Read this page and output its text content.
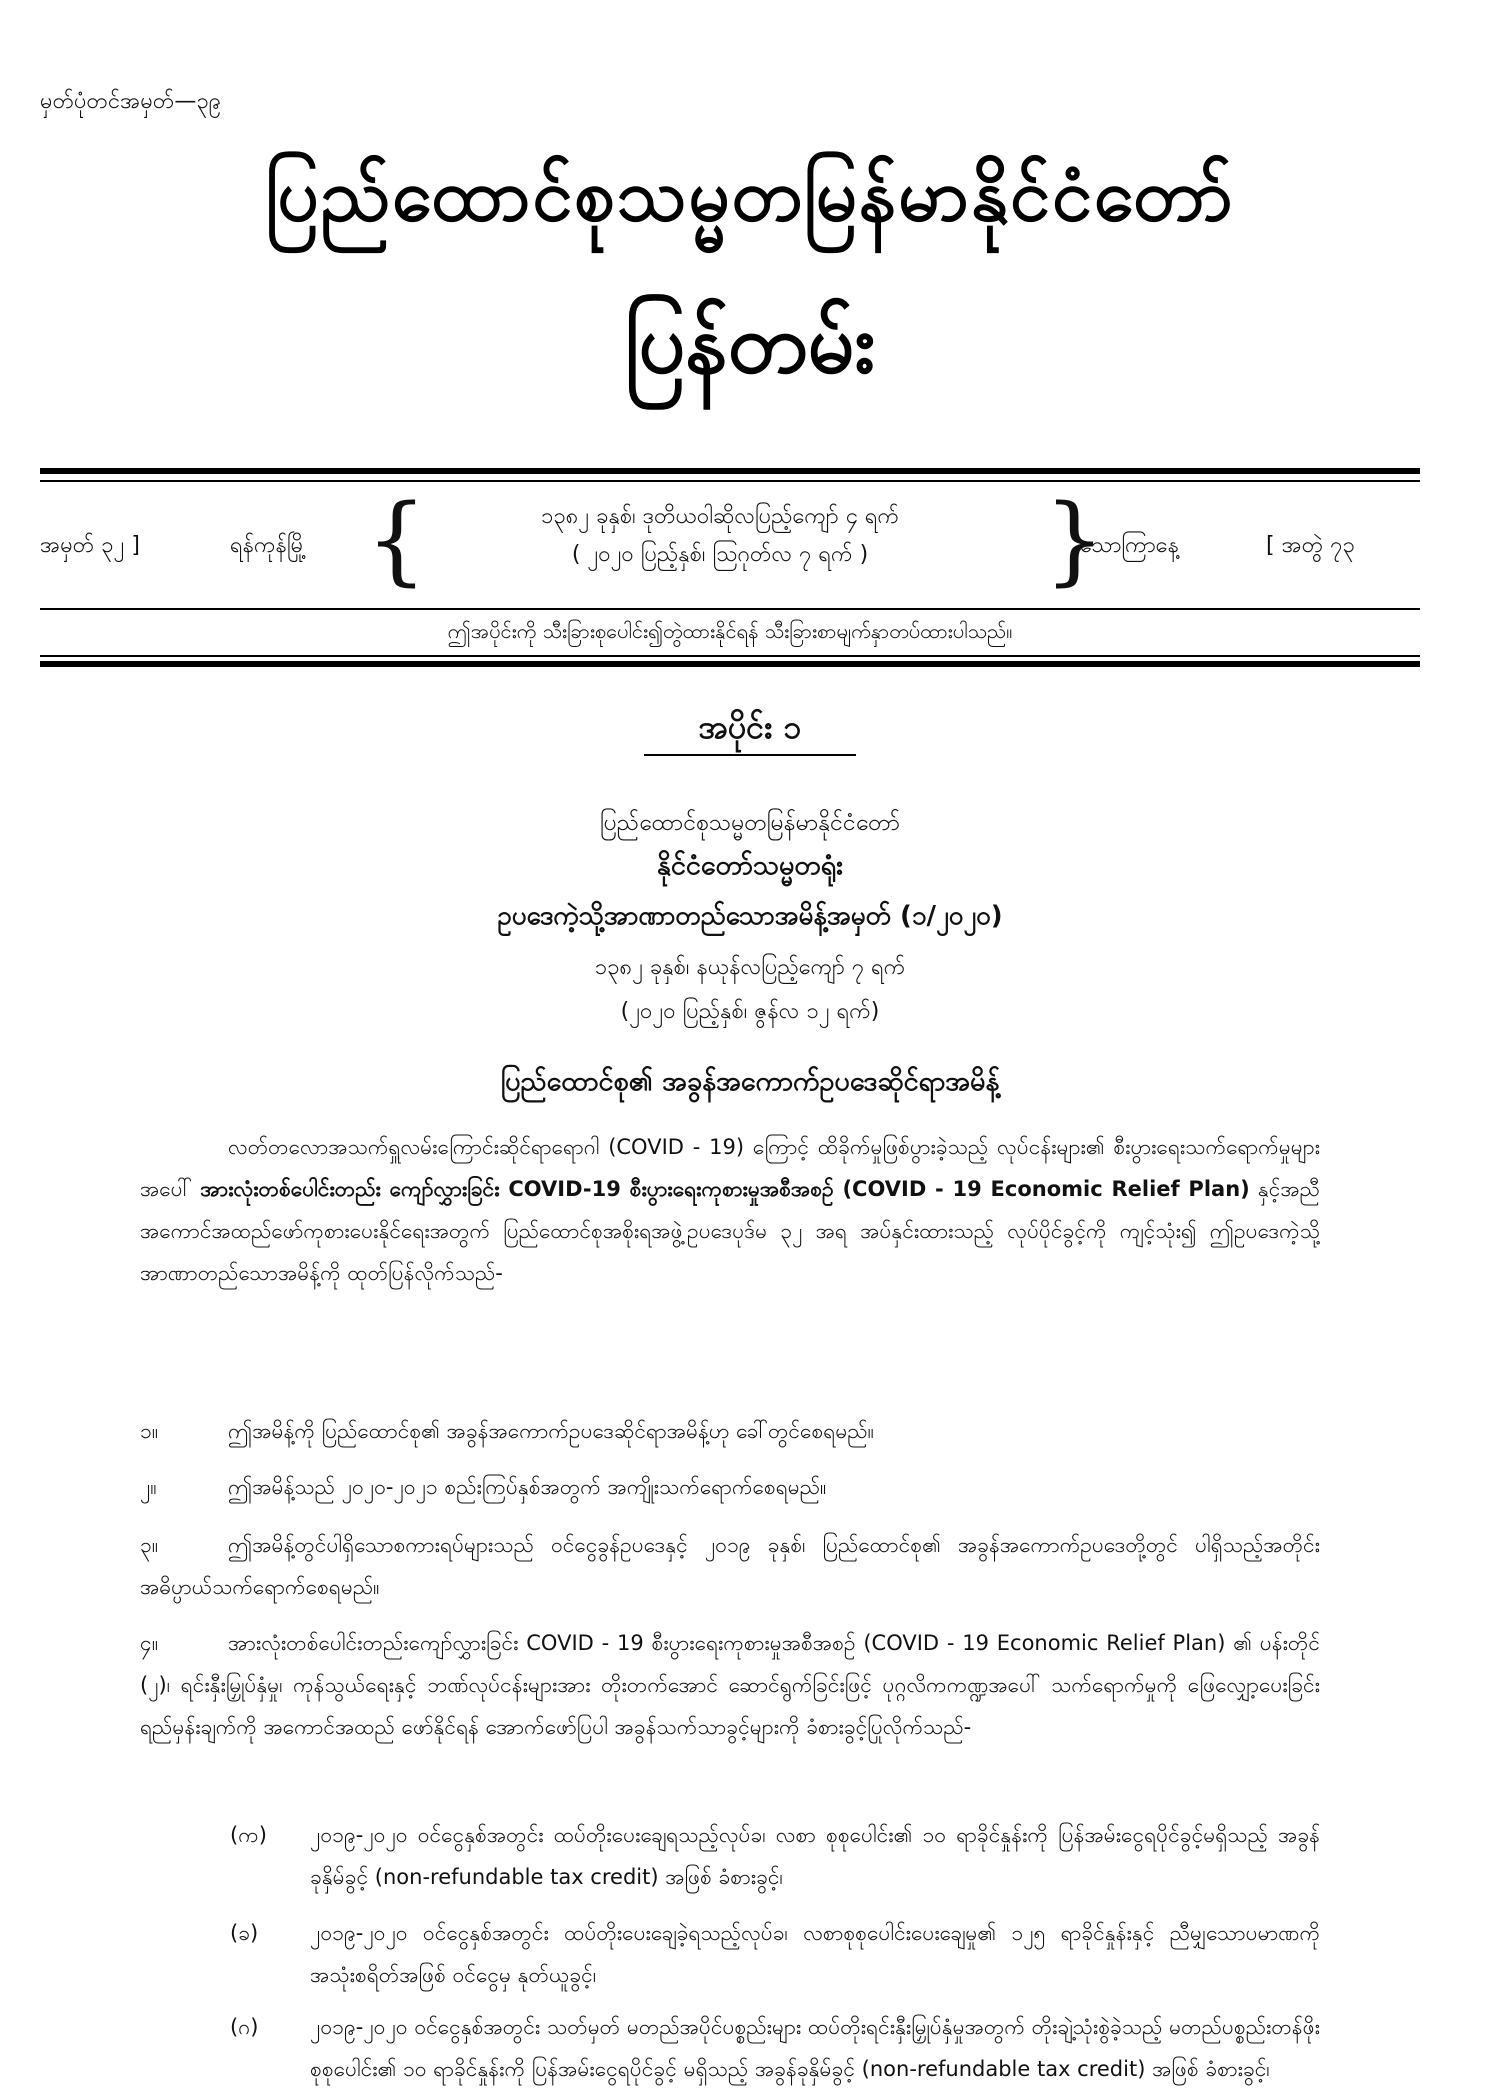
မှတ်ပုံတင်အမှတ်—၃၉
ပြည်ထောင်စုသမ္မတမြန်မာနိုင်ငံတော်
ပြန်တမ်း
အမှတ် ၃၂ ]	ရန်ကုန်မြို့ {	၁၃၈၂ ခုနှစ်၊ ဒုတိယဝါဆိုလပြည့်ကျော် ၄ ရက်
( ၂၀၂၀ ပြည့်နှစ်၊ ဩဂုတ်လ ၇ ရက် )	}
သောကြာနေ့	[ အတွဲ ၇၃
ဤအပိုင်းကို သီးခြားစုပေါင်း၍တွဲထားနိုင်ရန် သီးခြားစာမျက်နှာတပ်ထားပါသည်။
အပိုင်း ၁
ပြည်ထောင်စုသမ္မတမြန်မာနိုင်ငံတော်
နိုင်ငံတော်သမ္မတရုံး
ဥပဒေကဲ့သို့အာဏာတည်သောအမိန့်အမှတ် (၁/၂၀၂၀)
၁၃၈၂ ခုနှစ်၊ နယုန်လပြည့်ကျော် ၇ ရက်
(၂၀၂၀ ပြည့်နှစ်၊ ဇွန်လ ၁၂ ရက်)
ပြည်ထောင်စု၏ အခွန်အကောက်ဥပဒေဆိုင်ရာအမိန့်
လတ်တလောအသက်ရှူလမ်းကြောင်းဆိုင်ရာရောဂါ (COVID - 19) ကြောင့် ထိခိုက်မှုဖြစ်ပွားခဲ့သည့် လုပ်ငန်းများ၏ စီးပွားရေးသက်ရောက်မှုများအပေါ် အားလုံးတစ်ပေါင်းတည်း ကျော်လွှားခြင်း COVID-19 စီးပွားရေးကုစားမှုအစီအစဉ် (COVID - 19 Economic Relief Plan) နှင့်အညီ အကောင်အထည်ဖော်ကုစားပေးနိုင်ရေးအတွက် ပြည်ထောင်စုအစိုးရအဖွဲ့ဥပဒေပုဒ်မ ၃၂ အရ အပ်နှင်းထားသည့် လုပ်ပိုင်ခွင့်ကို ကျင့်သုံး၍ ဤဥပဒေကဲ့သို့အာဏာတည်သောအမိန့်ကို ထုတ်ပြန်လိုက်သည်-
၁။	ဤအမိန့်ကို ပြည်ထောင်စု၏ အခွန်အကောက်ဥပဒေဆိုင်ရာအမိန့်ဟု ခေါ်တွင်စေရမည်။
၂။	ဤအမိန့်သည် ၂၀၂၀-၂၀၂၁ စည်းကြပ်နှစ်အတွက် အကျိုးသက်ရောက်စေရမည်။
၃။	ဤအမိန့်တွင်ပါရှိသောစကားရပ်များသည် ဝင်ငွေခွန်ဥပဒေနှင့် ၂၀၁၉ ခုနှစ်၊ ပြည်ထောင်စု၏ အခွန်အကောက်ဥပဒေတို့တွင် ပါရှိသည့်အတိုင်း အဓိပ္ပာယ်သက်ရောက်စေရမည်။
၄။	အားလုံးတစ်ပေါင်းတည်းကျော်လွှားခြင်း COVID - 19 စီးပွားရေးကုစားမှုအစီအစဉ် (COVID - 19 Economic Relief Plan) ၏ ပန်းတိုင် (၂)၊ ရင်းနှီးမြှုပ်နှံမှု၊ ကုန်သွယ်ရေးနှင့် ဘဏ်လုပ်ငန်းများအား တိုးတက်အောင် ဆောင်ရွက်ခြင်းဖြင့် ပုဂ္ဂလိကကဏ္ဍအပေါ် သက်ရောက်မှုကို ဖြေလျှော့ပေးခြင်း ရည်မှန်းချက်ကို အကောင်အထည် ဖော်နိုင်ရန် အောက်ဖော်ပြပါ အခွန်သက်သာခွင့်များကို ခံစားခွင့်ပြုလိုက်သည်-
(က)	၂၀၁၉-၂၀၂၀ ဝင်ငွေနှစ်အတွင်း ထပ်တိုးပေးချေရသည့်လုပ်ခ၊ လစာ စုစုပေါင်း၏ ၁၀ ရာခိုင်နှုန်းကို ပြန်အမ်းငွေရပိုင်ခွင့်မရှိသည့် အခွန်ခုနှိမ်ခွင့် (non-refundable tax credit) အဖြစ် ခံစားခွင့်၊
(ခ)	၂၀၁၉-၂၀၂၀ ဝင်ငွေနှစ်အတွင်း ထပ်တိုးပေးချေခဲ့ရသည့်လုပ်ခ၊ လစာစုစုပေါင်းပေးချေမှု၏ ၁၂၅ ရာခိုင်နှုန်းနှင့် ညီမျှသောပမာဏကို အသုံးစရိတ်အဖြစ် ဝင်ငွေမှ နုတ်ယူခွင့်၊
(ဂ)	၂၀၁၉-၂၀၂၀ ဝင်ငွေနှစ်အတွင်း သတ်မှတ် မတည်အပိုင်ပစ္စည်းများ ထပ်တိုးရင်းနှီးမြှုပ်နှံမှုအတွက် တိုးချဲ့သုံးစွဲခဲ့သည့် မတည်ပစ္စည်းတန်ဖိုးစုစုပေါင်း၏ ၁၀ ရာခိုင်နှုန်းကို ပြန်အမ်းငွေရပိုင်ခွင့် မရှိသည့် အခွန်ခုနှိမ်ခွင့် (non-refundable tax credit) အဖြစ် ခံစားခွင့်၊
